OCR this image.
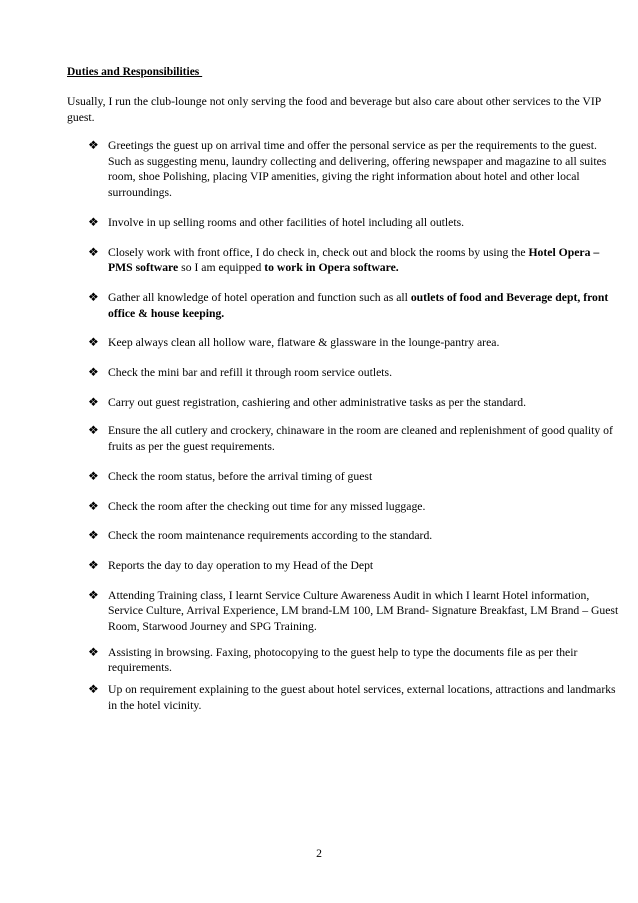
Duties and Responsibilities
Usually, I run the club-lounge not only serving the food and beverage but also care about other services to the VIP guest.
❖ Greetings the guest up on arrival time and offer the personal service as per the requirements to the guest. Such as suggesting menu, laundry collecting and delivering, offering newspaper and magazine to all suites room, shoe Polishing, placing VIP amenities, giving the right information about hotel and other local surroundings.
❖ Involve in up selling rooms and other facilities of hotel including all outlets.
❖ Closely work with front office, I do check in, check out and block the rooms by using the Hotel Opera –PMS software so I am equipped to work in Opera software.
❖ Gather all knowledge of hotel operation and function such as all outlets of food and Beverage dept, front office & house keeping.
❖ Keep always clean all hollow ware, flatware & glassware in the lounge-pantry area.
❖ Check the mini bar and refill it through room service outlets.
❖ Carry out guest registration, cashiering and other administrative tasks as per the standard.
❖ Ensure the all cutlery and crockery, chinaware in the room are cleaned and replenishment of good quality of fruits as per the guest requirements.
❖ Check the room status, before the arrival timing of guest
❖ Check the room after the checking out time for any missed luggage.
❖ Check the room maintenance requirements according to the standard.
❖ Reports the day to day operation to my Head of the Dept
❖ Attending Training class, I learnt Service Culture Awareness Audit in which I learnt Hotel information, Service Culture, Arrival Experience, LM brand-LM 100, LM Brand- Signature Breakfast, LM Brand – Guest Room, Starwood Journey and SPG Training.
❖ Assisting in browsing. Faxing, photocopying to the guest help to type the documents file as per their requirements.
❖ Up on requirement explaining to the guest about hotel services, external locations, attractions and landmarks in the hotel vicinity.
2
